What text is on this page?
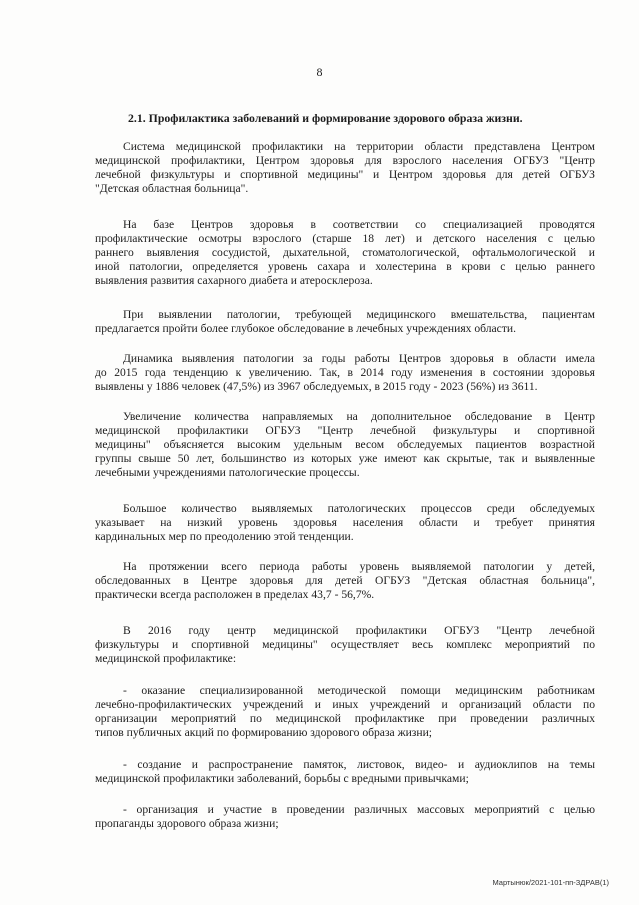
8
2.1. Профилактика заболеваний и формирование здорового образа жизни.

Система медицинской профилактики на территории области представлена Центром
медицинской профилактики, Центром здоровья для взрослого населения ОГБУЗ "Центр
лечебной физкультуры и спортивной медицины" и Центром здоровья для детей ОГБУЗ
"Детская областная больница".

На базе Центров здоровья в соответствии со специализацией проводятся
профилактические осмотры взрослого (старше 18 лет) и детского населения с целью
раннего выявления сосудистой, дыхательной, стоматологической, офтальмологической и
иной патологии, определяется уровень сахара и холестерина в крови с целью раннего
выявления развития сахарного диабета и атеросклероза.

При выявлении патологии, требующей медицинского вмешательства, пациентам
предлагается пройти более глубокое обследование в лечебных учреждениях области.

Динамика выявления патологии за годы работы Центров здоровья в области имела
до 2015 года тенденцию к увеличению. Так, в 2014 году изменения в состоянии здоровья
выявлены у 1886 человек (47,5%) из 3967 обследуемых, в 2015 году - 2023 (56%) из 3611.

Увеличение количества направляемых на дополнительное обследование в Центр
медицинской профилактики ОГБУЗ "Центр лечебной физкультуры и спортивной
медицины" объясняется высоким удельным весом обследуемых пациентов возрастной
группы свыше 50 лет, большинство из которых уже имеют как скрытые, так и выявленные
лечебными учреждениями патологические процессы.

Большое количество выявляемых патологических процессов среди обследуемых
указывает на низкий уровень здоровья населения области и требует принятия
кардинальных мер по преодолению этой тенденции.

На протяжении всего периода работы уровень выявляемой патологии у детей,
обследованных в Центре здоровья для детей ОГБУЗ "Детская областная больница",
практически всегда расположен в пределах 43,7 - 56,7%.

В 2016 году центр медицинской профилактики ОГБУЗ "Центр лечебной
физкультуры и спортивной медицины" осуществляет весь комплекс мероприятий по
медицинской профилактике:

- оказание специализированной методической помощи медицинским работникам
лечебно-профилактических учреждений и иных учреждений и организаций области по
организации мероприятий по медицинской профилактике при проведении различных
типов публичных акций по формированию здорового образа жизни;

- создание и распространение памяток, листовок, видео- и аудиоклипов на темы
медицинской профилактики заболеваний, борьбы с вредными привычками;

- организация и участие в проведении различных массовых мероприятий с целью
пропаганды здорового образа жизни;

Мартынюк/2021-101-пп-ЗДРАВ(1)
